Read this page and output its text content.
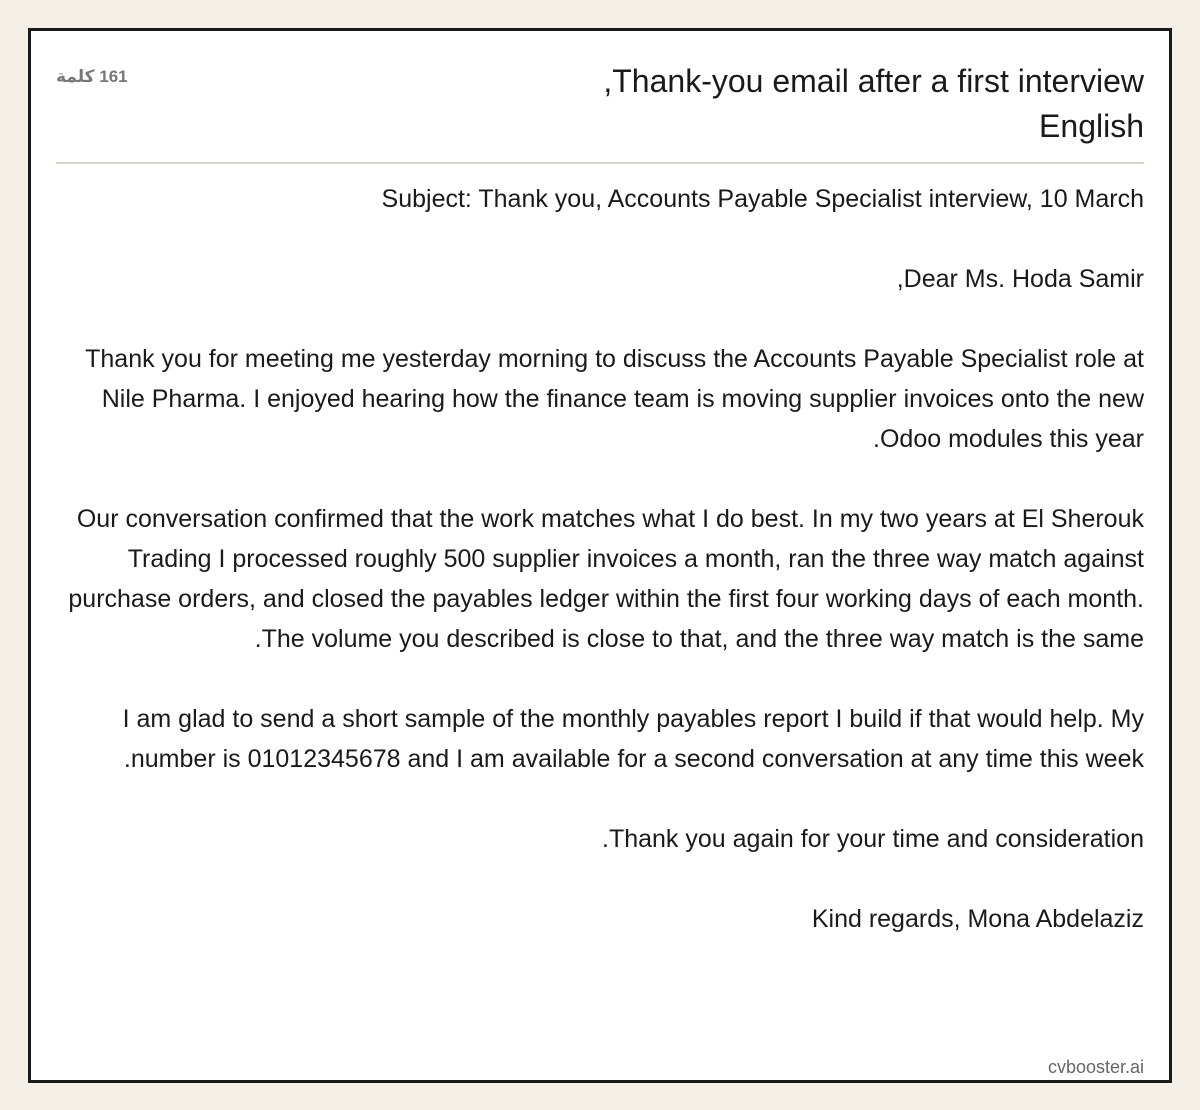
Thank-you email after a first interview,
English
161 كلمة

Subject: Thank you, Accounts Payable Specialist interview, 10 March

Dear Ms. Hoda Samir,

Thank you for meeting me yesterday morning to discuss the Accounts Payable Specialist role at Nile Pharma. I enjoyed hearing how the finance team is moving supplier invoices onto the new Odoo modules this year.

Our conversation confirmed that the work matches what I do best. In my two years at El Sherouk Trading I processed roughly 500 supplier invoices a month, ran the three way match against purchase orders, and closed the payables ledger within the first four working days of each month. The volume you described is close to that, and the three way match is the same.

I am glad to send a short sample of the monthly payables report I build if that would help. My number is 01012345678 and I am available for a second conversation at any time this week.

Thank you again for your time and consideration.

Kind regards, Mona Abdelaziz

cvbooster.ai
